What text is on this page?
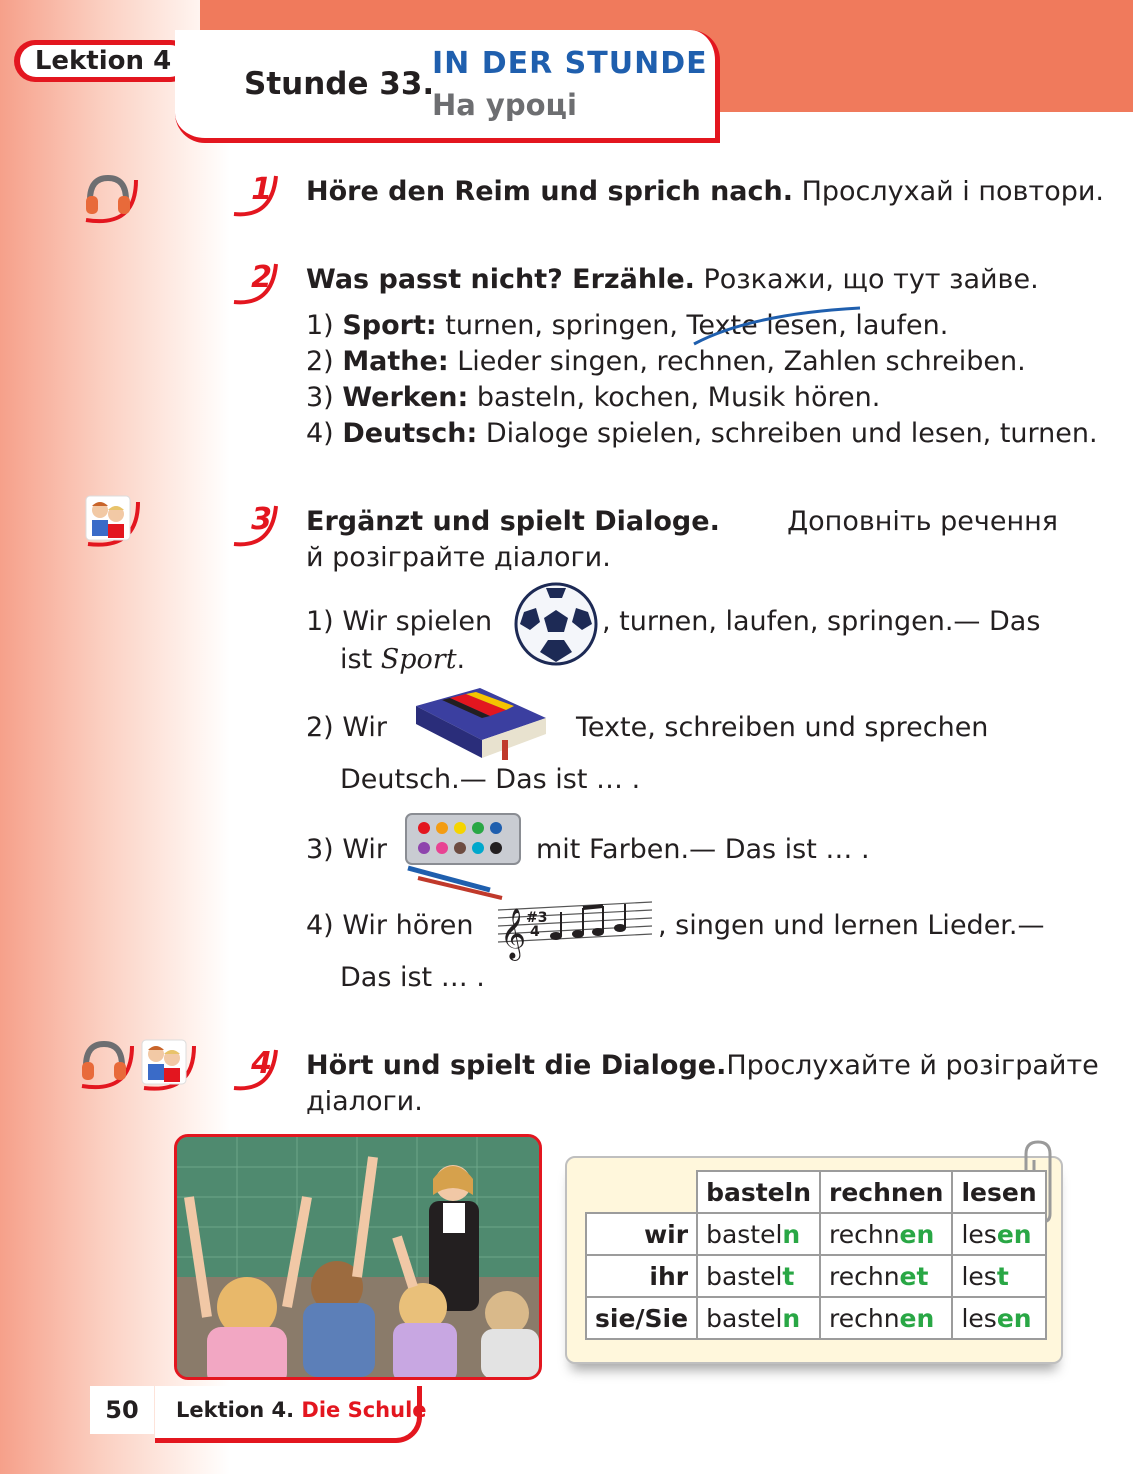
Lektion 4
Stunde 33.
IN DER STUNDE
На уроці
1 Höre den Reim und sprich nach. Прослухай і повтори.
2 Was passt nicht? Erzähle. Розкажи, що тут зайве.
1) Sport: turnen, springen, Texte lesen, laufen.
2) Mathe: Lieder singen, rechnen, Zahlen schreiben.
3) Werken: basteln, kochen, Musik hören.
4) Deutsch: Dialoge spielen, schreiben und lesen, turnen.
3 Ergänzt und spielt Dialoge. Доповніть речення
й розіграйте діалоги.
1) Wir spielen	, turnen, laufen, springen.— Das
ist Sport.
2) Wir	Texte, schreiben und sprechen
Deutsch.— Das ist … .
3) Wir	mit Farben.— Das ist … .
4) Wir hören 𝄞 #3
4	, singen und lernen Lieder.—
Das ist … .
4 Hört und spielt die Dialoge. Прослухайте й розіграйте
діалоги.
	basteln	rechnen	lesen
wir	basteln	rechnen	lesen
ihr	bastelt	rechnet	lest
sie/Sie	basteln	rechnen	lesen
50	Lektion 4. Die Schule
